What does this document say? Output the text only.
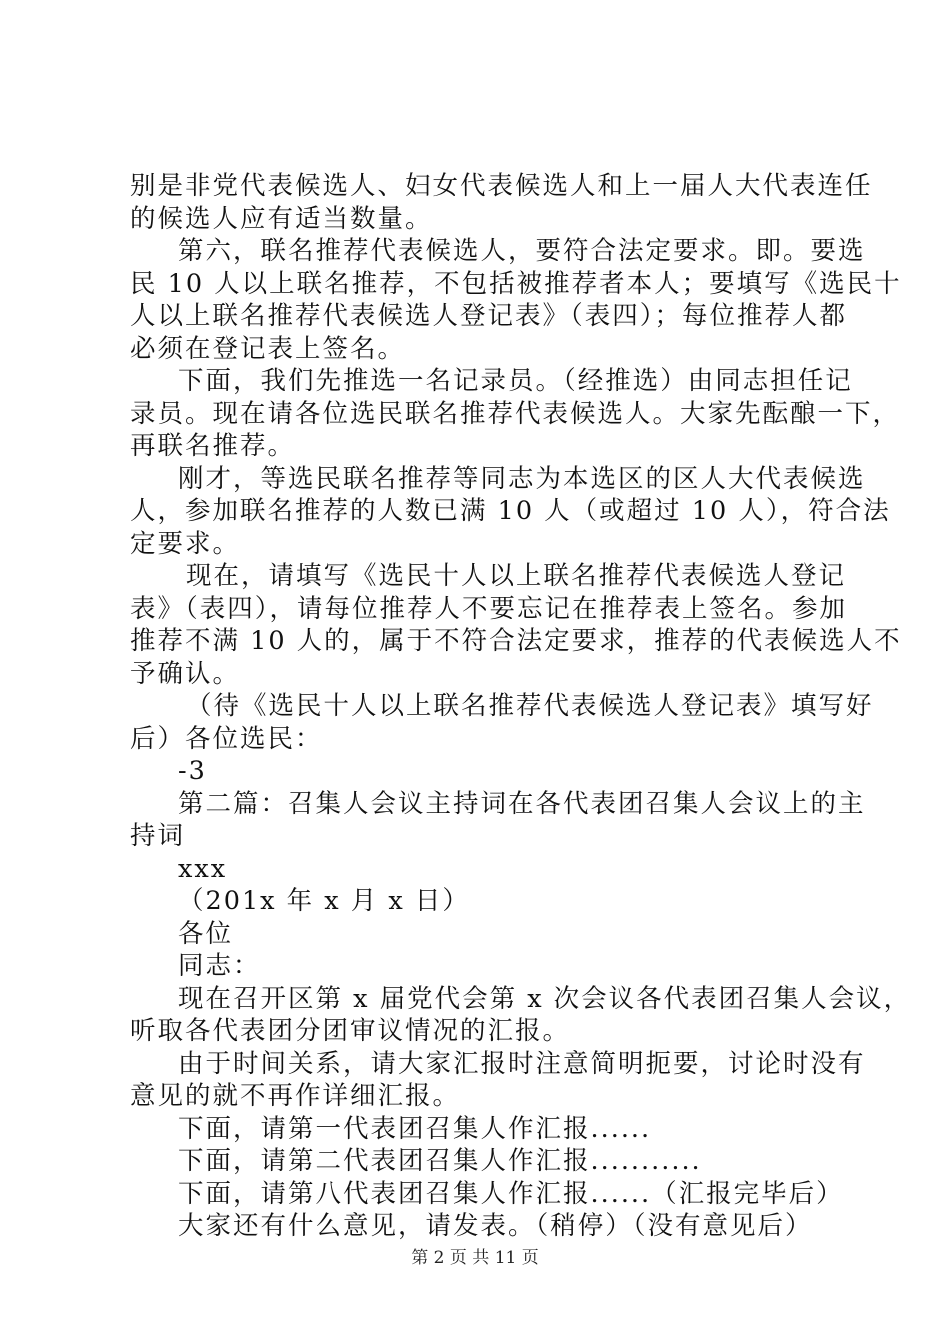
别是非党代表候选人、妇女代表候选人和上一届人大代表连任
的候选人应有适当数量。
第六，联名推荐代表候选人，要符合法定要求。即。要选
民 10 人以上联名推荐，不包括被推荐者本人；要填写《选民十
人以上联名推荐代表候选人登记表》（表四）；每位推荐人都
必须在登记表上签名。
下面，我们先推选一名记录员。（经推选）由同志担任记
录员。现在请各位选民联名推荐代表候选人。大家先酝酿一下，
再联名推荐。
刚才，等选民联名推荐等同志为本选区的区人大代表候选
人，参加联名推荐的人数已满 10 人（或超过 10 人），符合法
定要求。
现在，请填写《选民十人以上联名推荐代表候选人登记
表》（表四），请每位推荐人不要忘记在推荐表上签名。参加
推荐不满 10 人的，属于不符合法定要求，推荐的代表候选人不
予确认。
（待《选民十人以上联名推荐代表候选人登记表》填写好
后）各位选民：
-3
第二篇：召集人会议主持词在各代表团召集人会议上的主
持词
xxx
（201x 年 x 月 x 日）
各位
同志：
现在召开区第 x 届党代会第 x 次会议各代表团召集人会议，
听取各代表团分团审议情况的汇报。
由于时间关系，请大家汇报时注意简明扼要，讨论时没有
意见的就不再作详细汇报。
下面，请第一代表团召集人作汇报......
下面，请第二代表团召集人作汇报...........
下面，请第八代表团召集人作汇报......（汇报完毕后）
大家还有什么意见，请发表。（稍停）（没有意见后）
第 2 页 共 11 页
